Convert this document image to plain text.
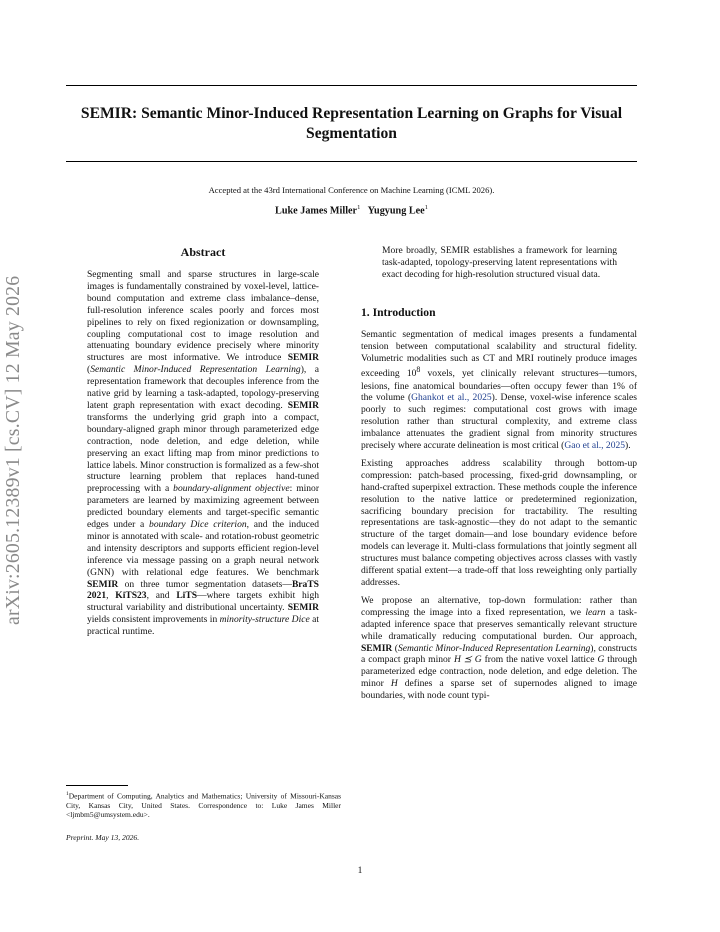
arXiv:2605.12389v1 [cs.CV] 12 May 2026
SEMIR: Semantic Minor-Induced Representation Learning on Graphs for Visual Segmentation
Accepted at the 43rd International Conference on Machine Learning (ICML 2026).
Luke James Miller$^1$ Yugyung Lee$^1$
Abstract

Segmenting small and sparse structures in large-scale images is fundamentally constrained by voxel-level, lattice-bound computation and extreme class imbalance–dense, full-resolution inference scales poorly and forces most pipelines to rely on fixed regionization or downsampling, coupling computational cost to image resolution and attenuating boundary evidence precisely where minority structures are most informative. We introduce SEMIR (Semantic Minor-Induced Representation Learning), a representation framework that decouples inference from the native grid by learning a task-adapted, topology-preserving latent graph representation with exact decoding. SEMIR transforms the underlying grid graph into a compact, boundary-aligned graph minor through parameterized edge contraction, node deletion, and edge deletion, while preserving an exact lifting map from minor predictions to lattice labels. Minor construction is formalized as a few-shot structure learning problem that replaces hand-tuned preprocessing with a boundary-alignment objective: minor parameters are learned by maximizing agreement between predicted boundary elements and target-specific semantic edges under a boundary Dice criterion, and the induced minor is annotated with scale- and rotation-robust geometric and intensity descriptors and supports efficient region-level inference via message passing on a graph neural network (GNN) with relational edge features. We benchmark SEMIR on three tumor segmentation datasets—BraTS 2021, KiTS23, and LiTS—where targets exhibit high structural variability and distributional uncertainty. SEMIR yields consistent improvements in minority-structure Dice at practical runtime.

More broadly, SEMIR establishes a framework for learning task-adapted, topology-preserving latent representations with exact decoding for high-resolution structured visual data.

1. Introduction

Semantic segmentation of medical images presents a fundamental tension between computational scalability and structural fidelity. Volumetric modalities such as CT and MRI routinely produce images exceeding $10^8$ voxels, yet clinically relevant structures—tumors, lesions, fine anatomical boundaries—often occupy fewer than 1% of the volume (Ghankot et al., 2025). Dense, voxel-wise inference scales poorly to such regimes: computational cost grows with image resolution rather than structural complexity, and extreme class imbalance attenuates the gradient signal from minority structures precisely where accurate delineation is most critical (Gao et al., 2025).

Existing approaches address scalability through bottom-up compression: patch-based processing, fixed-grid downsampling, or hand-crafted superpixel extraction. These methods couple the inference resolution to the native lattice or predetermined regionization, sacrificing boundary precision for tractability. The resulting representations are task-agnostic—they do not adapt to the semantic structure of the target domain—and lose boundary evidence before models can leverage it. Multi-class formulations that jointly segment all structures must balance competing objectives across classes with vastly different spatial extent—a trade-off that loss reweighting only partially addresses.

We propose an alternative, top-down formulation: rather than compressing the image into a fixed representation, we learn a task-adapted inference space that preserves semantically relevant structure while dramatically reducing computational burden. Our approach, SEMIR (Semantic Minor-Induced Representation Learning), constructs a compact graph minor H ⪯ G from the native voxel lattice G through parameterized edge contraction, node deletion, and edge deletion. The minor H defines a sparse set of supernodes aligned to image boundaries, with node count typi-

$^1$Department of Computing, Analytics and Mathematics; University of Missouri-Kansas City, Kansas City, United States. Correspondence to: Luke James Miller <ljmbm5@umsystem.edu>.
Preprint. May 13, 2026.
1
